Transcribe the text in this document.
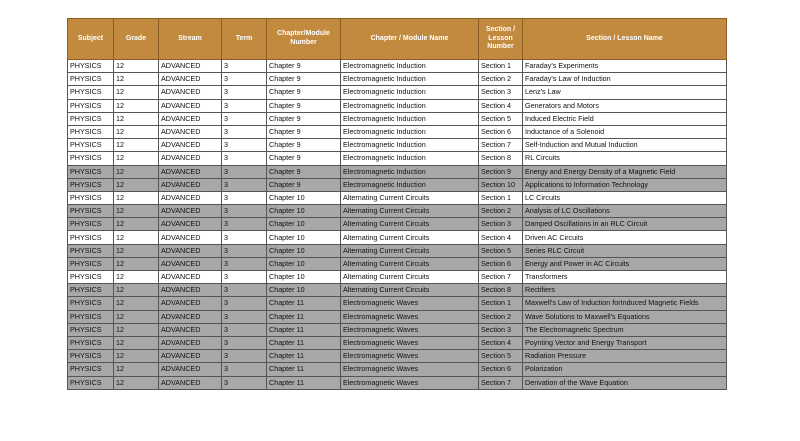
Subject	Grade	Stream	Term	Chapter/Module Number	Chapter / Module Name	Section / Lesson Number	Section / Lesson Name
PHYSICS	12	ADVANCED	3	Chapter 9	Electromagnetic Induction	Section 1	Faraday's Experiments
PHYSICS	12	ADVANCED	3	Chapter 9	Electromagnetic Induction	Section 2	Faraday's Law of Induction
PHYSICS	12	ADVANCED	3	Chapter 9	Electromagnetic Induction	Section 3	Lenz's Law
PHYSICS	12	ADVANCED	3	Chapter 9	Electromagnetic Induction	Section 4	Generators and Motors
PHYSICS	12	ADVANCED	3	Chapter 9	Electromagnetic Induction	Section 5	Induced Electric Field
PHYSICS	12	ADVANCED	3	Chapter 9	Electromagnetic Induction	Section 6	Inductance of a Solenoid
PHYSICS	12	ADVANCED	3	Chapter 9	Electromagnetic Induction	Section 7	Self-Induction and Mutual Induction
PHYSICS	12	ADVANCED	3	Chapter 9	Electromagnetic Induction	Section 8	RL Circuits
PHYSICS	12	ADVANCED	3	Chapter 9	Electromagnetic Induction	Section 9	Energy and Energy Density of a Magnetic Field
PHYSICS	12	ADVANCED	3	Chapter 9	Electromagnetic Induction	Section 10	Applications to Information Technology
PHYSICS	12	ADVANCED	3	Chapter 10	Alternating Current Circuits	Section 1	LC Circuits
PHYSICS	12	ADVANCED	3	Chapter 10	Alternating Current Circuits	Section 2	Analysis of LC Oscillations
PHYSICS	12	ADVANCED	3	Chapter 10	Alternating Current Circuits	Section 3	Damped Oscillations in an RLC Circuit
PHYSICS	12	ADVANCED	3	Chapter 10	Alternating Current Circuits	Section 4	Driven AC Circuits
PHYSICS	12	ADVANCED	3	Chapter 10	Alternating Current Circuits	Section 5	Series RLC Circuit
PHYSICS	12	ADVANCED	3	Chapter 10	Alternating Current Circuits	Section 6	Energy and Power in AC Circuits
PHYSICS	12	ADVANCED	3	Chapter 10	Alternating Current Circuits	Section 7	Transformers
PHYSICS	12	ADVANCED	3	Chapter 10	Alternating Current Circuits	Section 8	Rectifiers
PHYSICS	12	ADVANCED	3	Chapter 11	Electromagnetic Waves	Section 1	Maxwell's Law of Induction forInduced Magnetic Fields
PHYSICS	12	ADVANCED	3	Chapter 11	Electromagnetic Waves	Section 2	Wave Solutions to Maxwell's Equations
PHYSICS	12	ADVANCED	3	Chapter 11	Electromagnetic Waves	Section 3	The Electromagnetic Spectrum
PHYSICS	12	ADVANCED	3	Chapter 11	Electromagnetic Waves	Section 4	Poynting Vector and Energy Transport
PHYSICS	12	ADVANCED	3	Chapter 11	Electromagnetic Waves	Section 5	Radiation Pressure
PHYSICS	12	ADVANCED	3	Chapter 11	Electromagnetic Waves	Section 6	Polarization
PHYSICS	12	ADVANCED	3	Chapter 11	Electromagnetic Waves	Section 7	Derivation of the Wave Equation
